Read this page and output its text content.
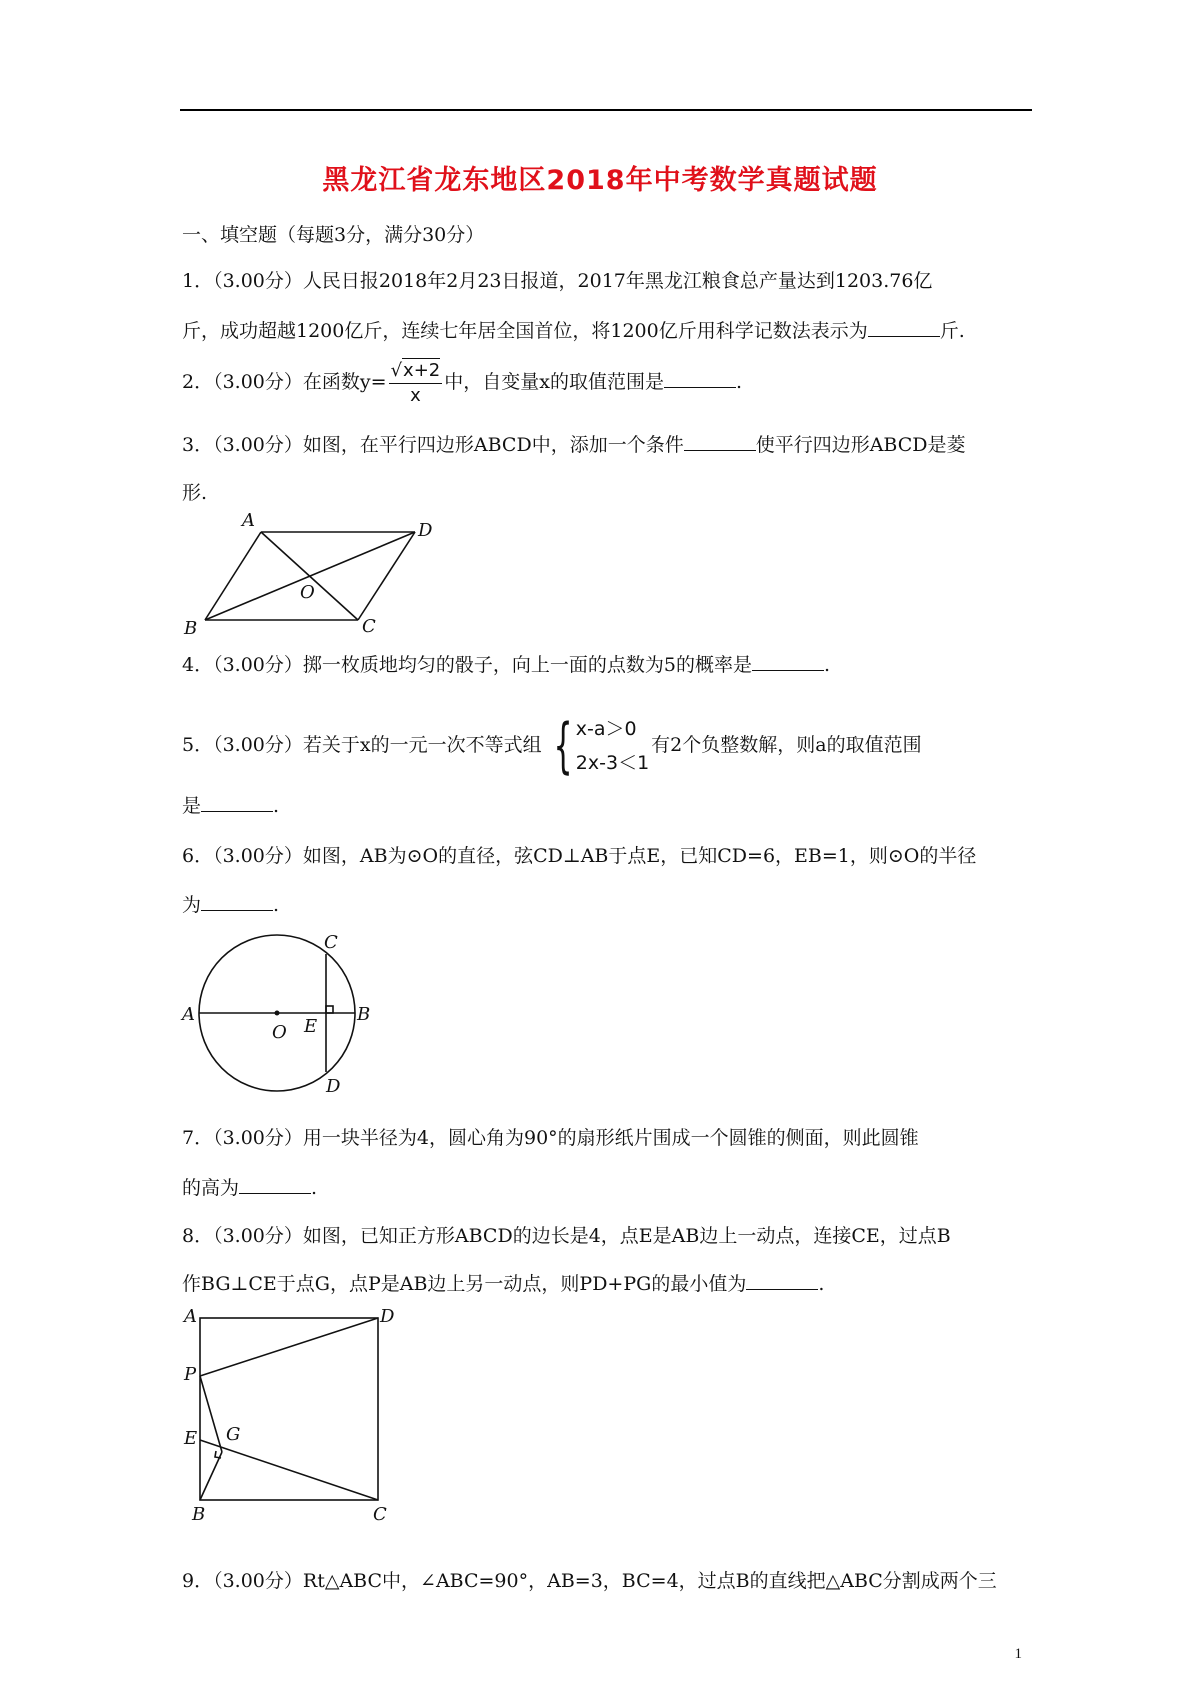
黑龙江省龙东地区2018年中考数学真题试题
一、填空题（每题3分，满分30分）
1．（3.00分）人民日报2018年2月23日报道，2017年黑龙江粮食总产量达到1203.76亿
斤，成功超越1200亿斤，连续七年居全国首位，将1200亿斤用科学记数法表示为	斤.
2．（3.00分）在函数$y= \frac{√x+2}{x}$ 中，自变量x的取值范围是	.
3．（3.00分）如图，在平行四边形ABCD中，添加一个条件	使平行四边形ABCD是菱
形.
A	D
B	C
O
4．（3.00分）掷一枚质地均匀的骰子，向上一面的点数为5的概率是	.
5．（3.00分）若关于x的一元一次不等式组 { x-a＞0
2x-3＜1
有2个负整数解，则a的取值范围
是	.
6．（3.00分）如图，AB为⊙O的直径，弦CD⊥AB于点E，已知CD=6，EB=1，则⊙O的半径
为	.
A	B
C
D
E
O
7．（3.00分）用一块半径为4，圆心角为90°的扇形纸片围成一个圆锥的侧面，则此圆锥
的高为	.
8．（3.00分）如图，已知正方形ABCD的边长是4，点E是AB边上一动点，连接CE，过点B
作BG⊥CE于点G，点P是AB边上另一动点，则PD+PG的最小值为	.
A	D
P
E G
B	C
9．（3.00分）Rt△ABC中，∠ABC=90°，AB=3，BC=4，过点B的直线把△ABC分割成两个三
1
